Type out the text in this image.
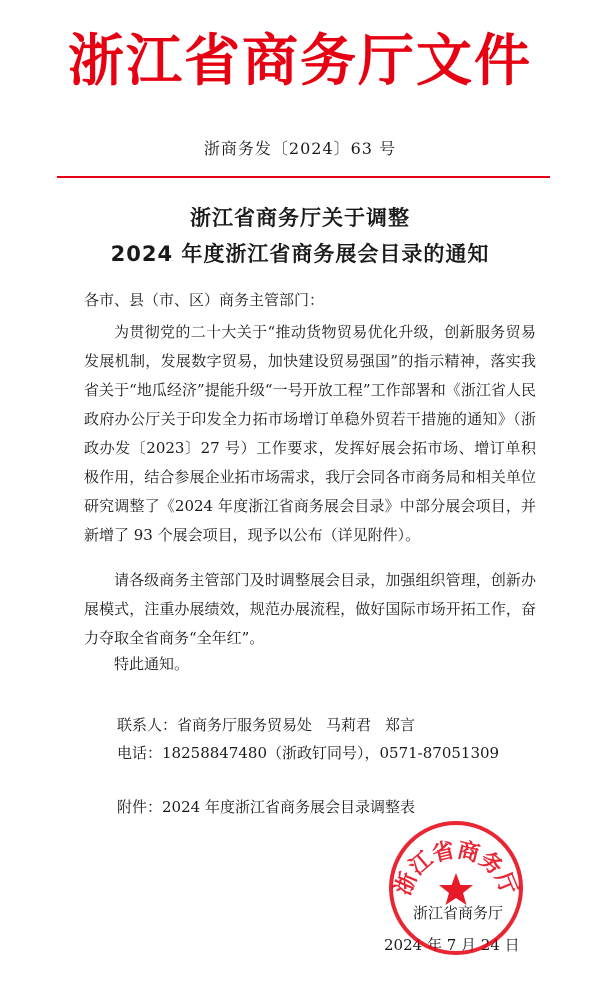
浙江省商务厅文件
浙商务发〔2024〕63 号
浙江省商务厅关于调整
2024 年度浙江省商务展会目录的通知
各市、县（市、区）商务主管部门：
为贯彻党的二十大关于“推动货物贸易优化升级，创新服务贸易发展机制，发展数字贸易，加快建设贸易强国”的指示精神，落实我省关于“地瓜经济”提能升级“一号开放工程”工作部署和《浙江省人民政府办公厅关于印发全力拓市场增订单稳外贸若干措施的通知》（浙政办发〔2023〕27 号）工作要求，发挥好展会拓市场、增订单积极作用，结合参展企业拓市场需求，我厅会同各市商务局和相关单位研究调整了《2024 年度浙江省商务展会目录》中部分展会项目，并新增了 93 个展会项目，现予以公布（详见附件）。
请各级商务主管部门及时调整展会目录，加强组织管理，创新办展模式，注重办展绩效，规范办展流程，做好国际市场开拓工作，奋力夺取全省商务“全年红”。
特此通知。
联系人：省商务厅服务贸易处 马莉君 郑言
电话：18258847480（浙政钉同号），0571-87051309
附件：2024 年度浙江省商务展会目录调整表
浙江省商务厅
2024 年 7 月 24 日
浙江省商务厅
